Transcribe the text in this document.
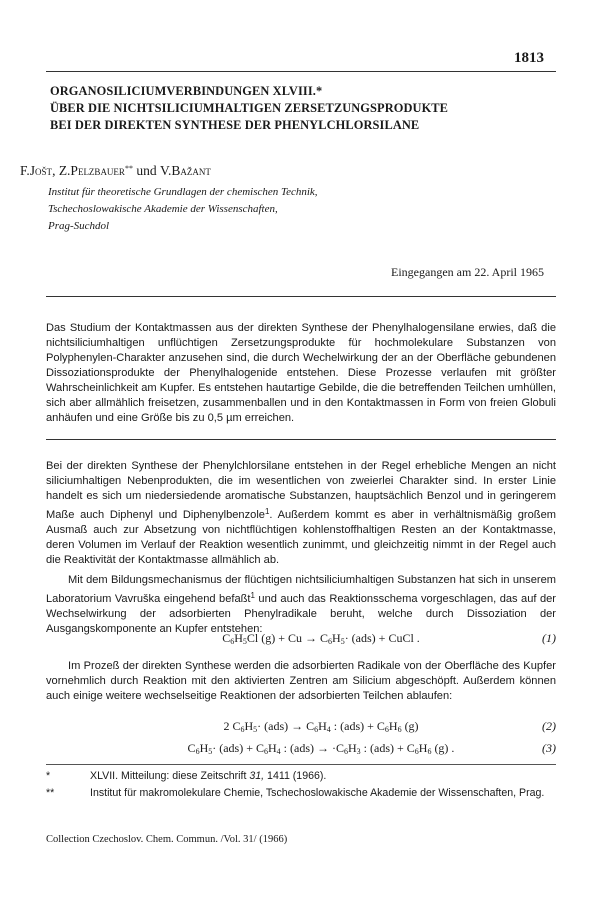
1813
ORGANOSILICIUMVERBINDUNGEN XLVIII.*
ÜBER DIE NICHTSILICIUMHALTIGEN ZERSETZUNGSPRODUKTE
BEI DER DIREKTEN SYNTHESE DER PHENYLCHLORSILANE
F.Jošt, Z.Pelzbauer** und V.Bažant
Institut für theoretische Grundlagen der chemischen Technik,
Tschechoslowakische Akademie der Wissenschaften,
Prag-Suchdol
Eingegangen am 22. April 1965
Das Studium der Kontaktmassen aus der direkten Synthese der Phenylhalogensilane erwies, daß die nichtsiliciumhaltigen unflüchtigen Zersetzungsprodukte für hochmolekulare Substanzen von Polyphenylen-Charakter anzusehen sind, die durch Wechelwirkung der an der Oberfläche gebundenen Dissoziationsprodukte der Phenylhalogenide entstehen. Diese Prozesse verlaufen mit größter Wahrscheinlichkeit am Kupfer. Es entstehen hautartige Gebilde, die die betreffenden Teilchen umhüllen, sich aber allmählich freisetzen, zusammenballen und in den Kontaktmassen in Form von freien Globuli anhäufen und eine Größe bis zu 0,5 µm erreichen.
Bei der direkten Synthese der Phenylchlorsilane entstehen in der Regel erhebliche Mengen an nicht siliciumhaltigen Nebenprodukten, die im wesentlichen von zweierlei Charakter sind. In erster Linie handelt es sich um niedersiedende aromatische Substanzen, hauptsächlich Benzol und in geringerem Maße auch Diphenyl und Diphenylbenzole$^1$. Außerdem kommt es aber in verhältnismäßig großem Ausmaß auch zur Absetzung von nichtflüchtigen kohlenstoffhaltigen Resten an der Kontaktmasse, deren Volumen im Verlauf der Reaktion wesentlich zunimmt, und gleichzeitig nimmt in der Regel auch die Reaktivität der Kontaktmasse allmählich ab.
Mit dem Bildungsmechanismus der flüchtigen nichtsiliciumhaltigen Substanzen hat sich in unserem Laboratorium Vavruška eingehend befaßt$^1$ und auch das Reaktionsschema vorgeschlagen, das auf der Wechselwirkung der adsorbierten Phenylradikale beruht, welche durch Dissoziation der Ausgangskomponente an Kupfer entstehen:
$C_6H_5Cl$ $(g) + Cu \to C_6H_5\cdot (ads)$ + CuCl .	(1)
Im Prozeß der direkten Synthese werden die adsorbierten Radikale von der Oberfläche des Kupfer vornehmlich durch Reaktion mit den aktivierten Zentren am Silicium abgeschöpft. Außerdem können auch einige weitere wechselseitige Reaktionen der adsorbierten Teilchen ablaufen:
2 $C_6H_5\cdot (ads) \to C_6H_4$ : $(ads) + C_6H_6$ (g)	(2)
$C_6H_5\cdot (ads) + C_6H_4$ : $(ads) \to \cdot C_6H_3$ : $(ads) + C_6H_6$ (g) .	(3)
*	XLVII. Mitteilung: diese Zeitschrift 31, 1411 (1966).
**	Institut für makromolekulare Chemie, Tschechoslowakische Akademie der Wissenschaften, Prag.
Collection Czechoslov. Chem. Commun. /Vol. 31/ (1966)
